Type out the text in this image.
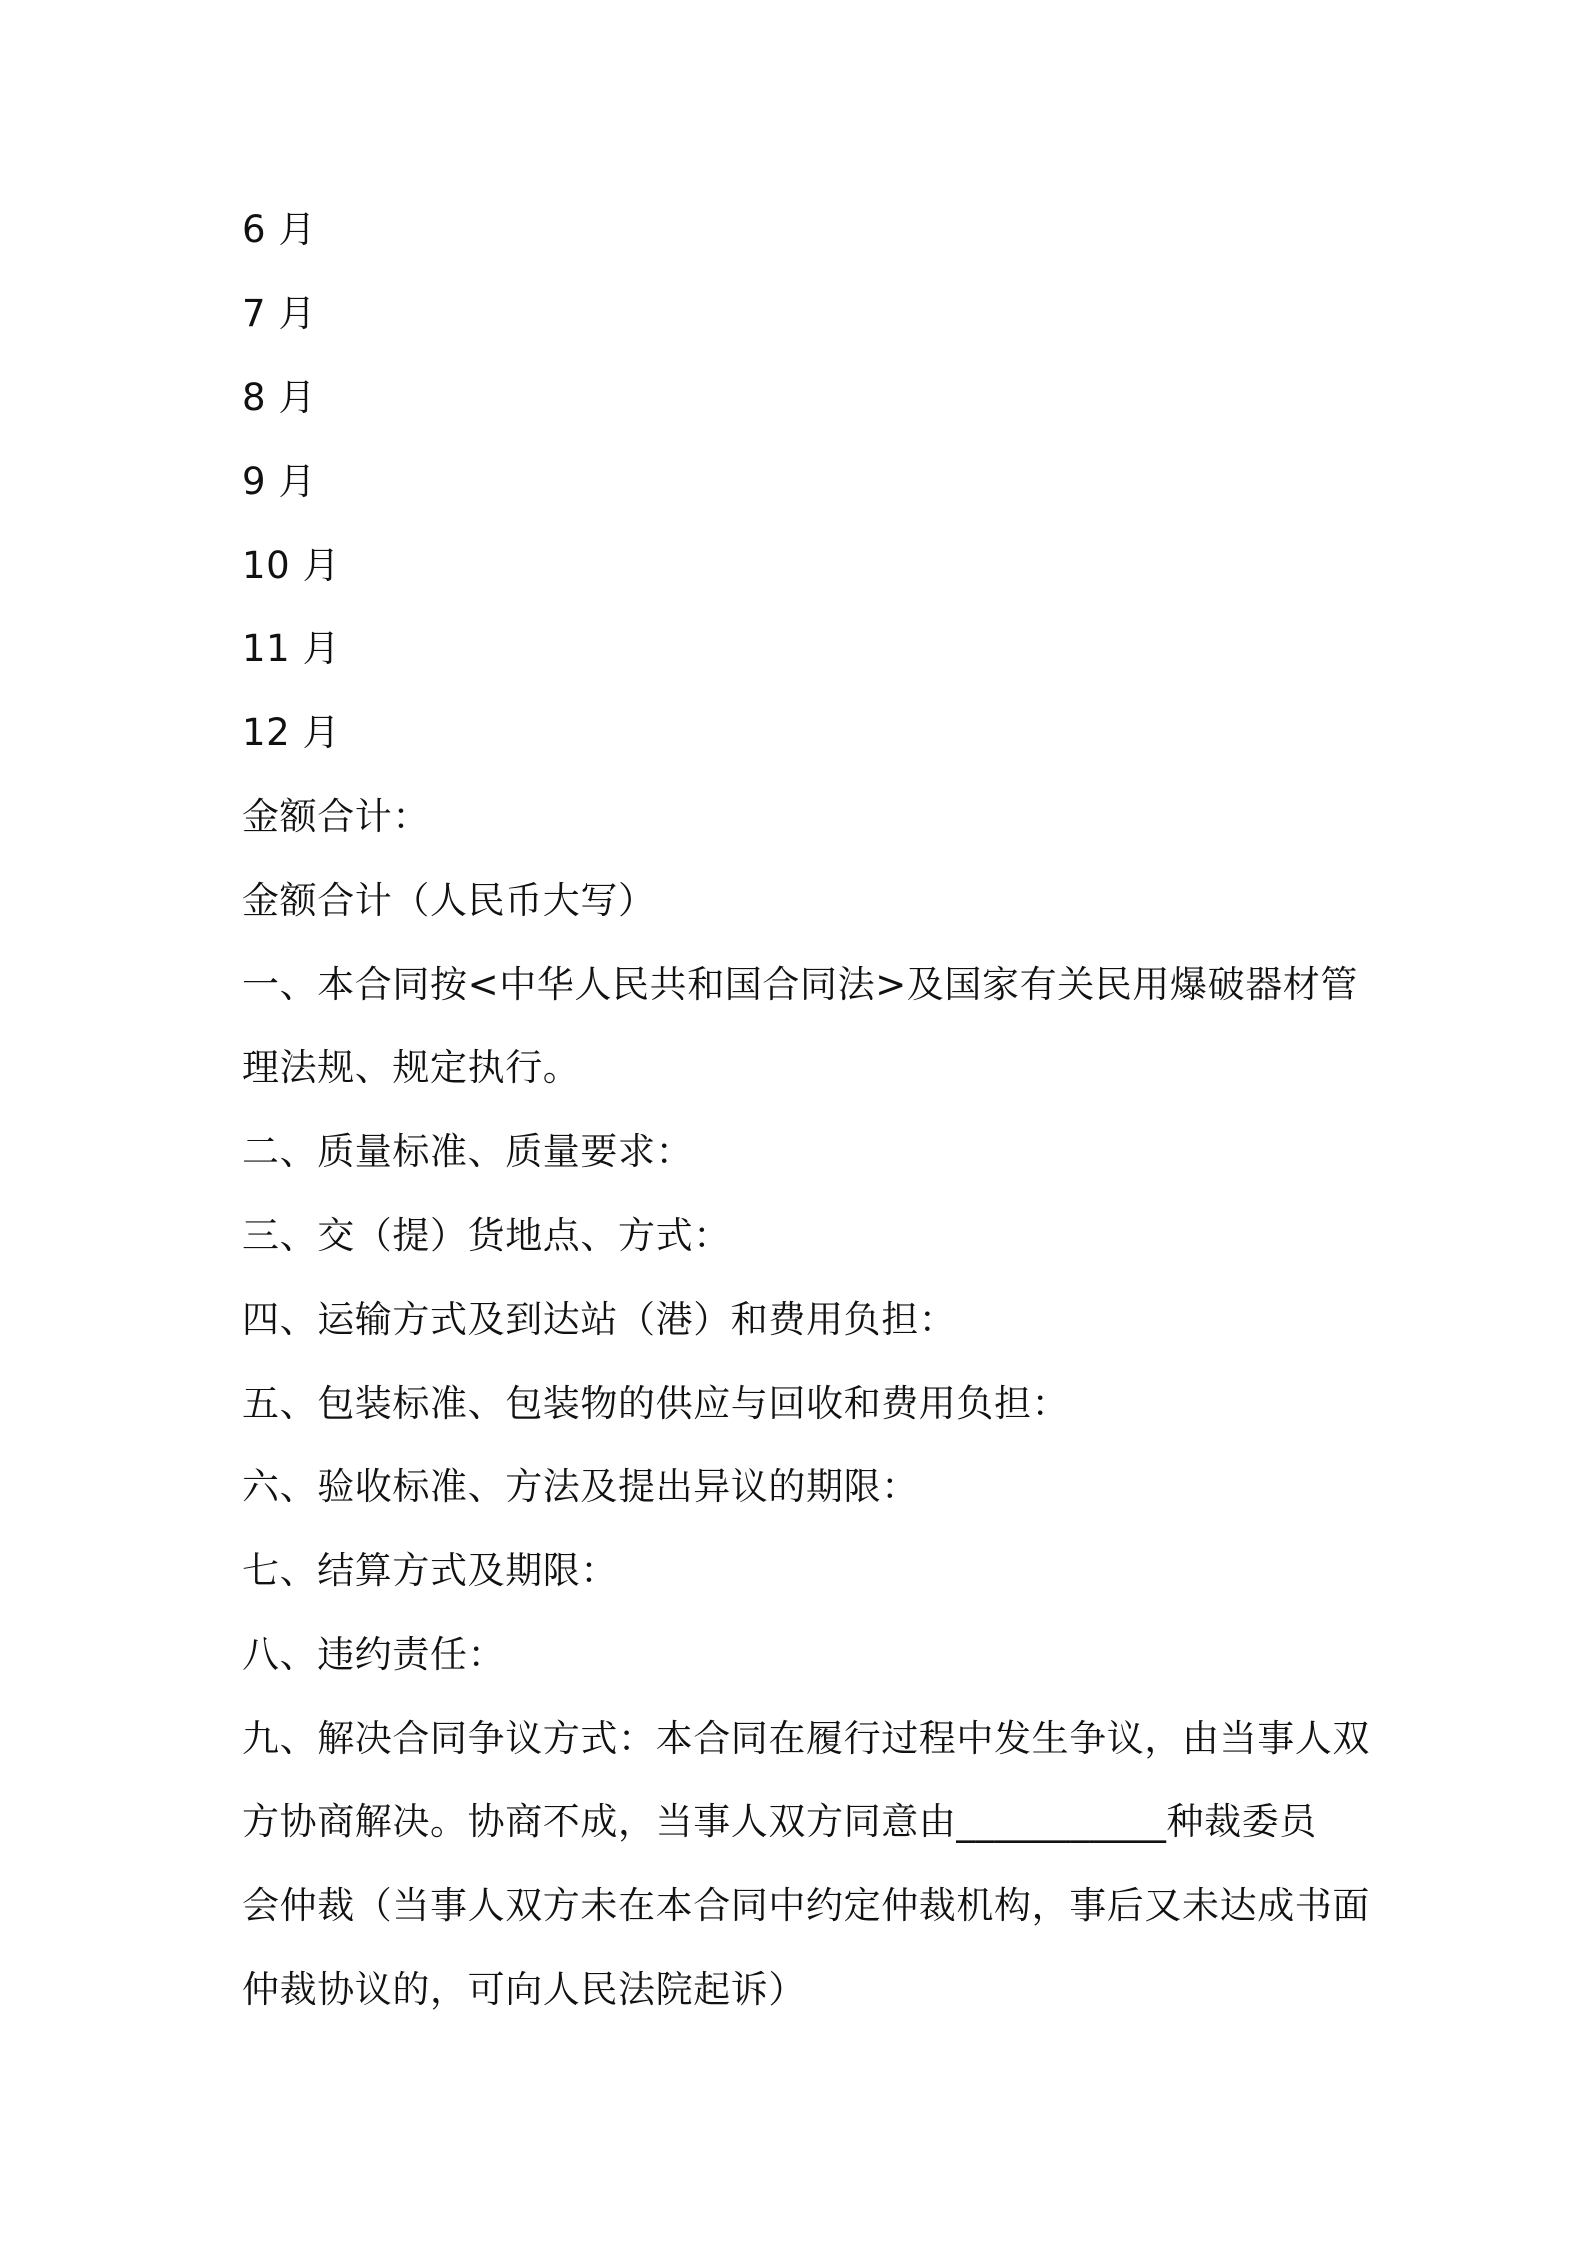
6 月
7 月
8 月
9 月
10 月
11 月
12 月
金额合计：
金额合计（人民币大写）
一、本合同按<中华人民共和国合同法>及国家有关民用爆破器材管
理法规、规定执行。
二、质量标准、质量要求：
三、交（提）货地点、方式：
四、运输方式及到达站（港）和费用负担：
五、包装标准、包装物的供应与回收和费用负担：
六、验收标准、方法及提出异议的期限：
七、结算方式及期限：
八、违约责任：
九、解决合同争议方式：本合同在履行过程中发生争议，由当事人双
方协商解决。协商不成，当事人双方同意由___________种裁委员
会仲裁（当事人双方未在本合同中约定仲裁机构，事后又未达成书面
仲裁协议的，可向人民法院起诉）
